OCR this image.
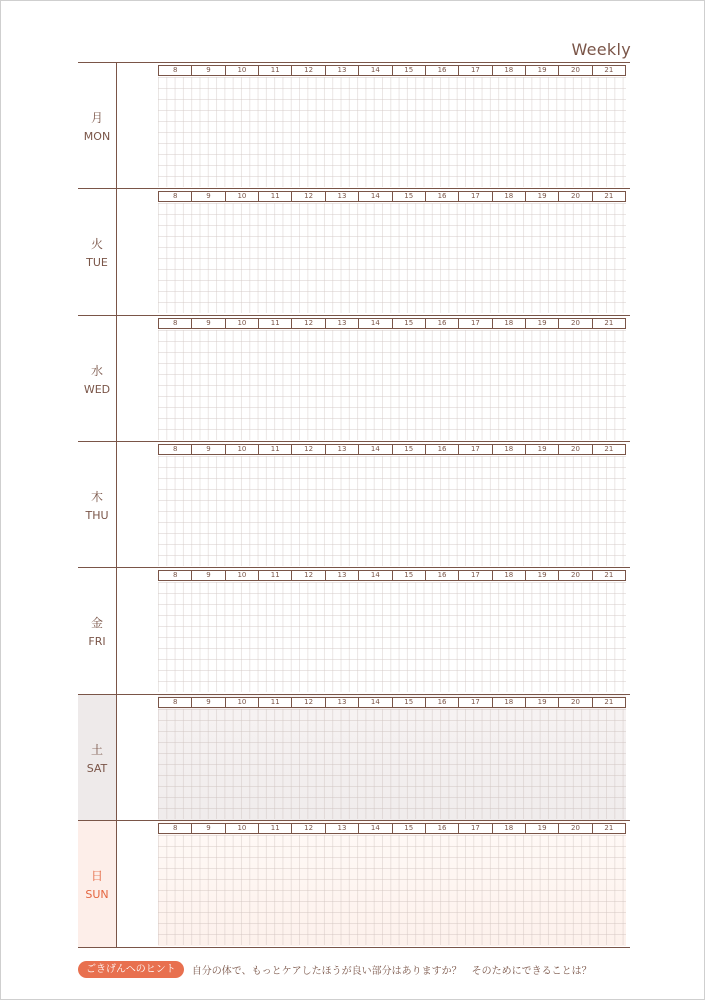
Weekly
月
MON
8	9	10	11	12	13	14	15	16	17	18	19	20	21
火
TUE
8	9	10	11	12	13	14	15	16	17	18	19	20	21
水
WED
8	9	10	11	12	13	14	15	16	17	18	19	20	21
木
THU
8	9	10	11	12	13	14	15	16	17	18	19	20	21
金
FRI
8	9	10	11	12	13	14	15	16	17	18	19	20	21
土
SAT
8	9	10	11	12	13	14	15	16	17	18	19	20	21
日
SUN
8	9	10	11	12	13	14	15	16	17	18	19	20	21
ごきげんへのヒント	自分の体で、もっとケアしたほうが良い部分はありますか？　そのためにできることは？
